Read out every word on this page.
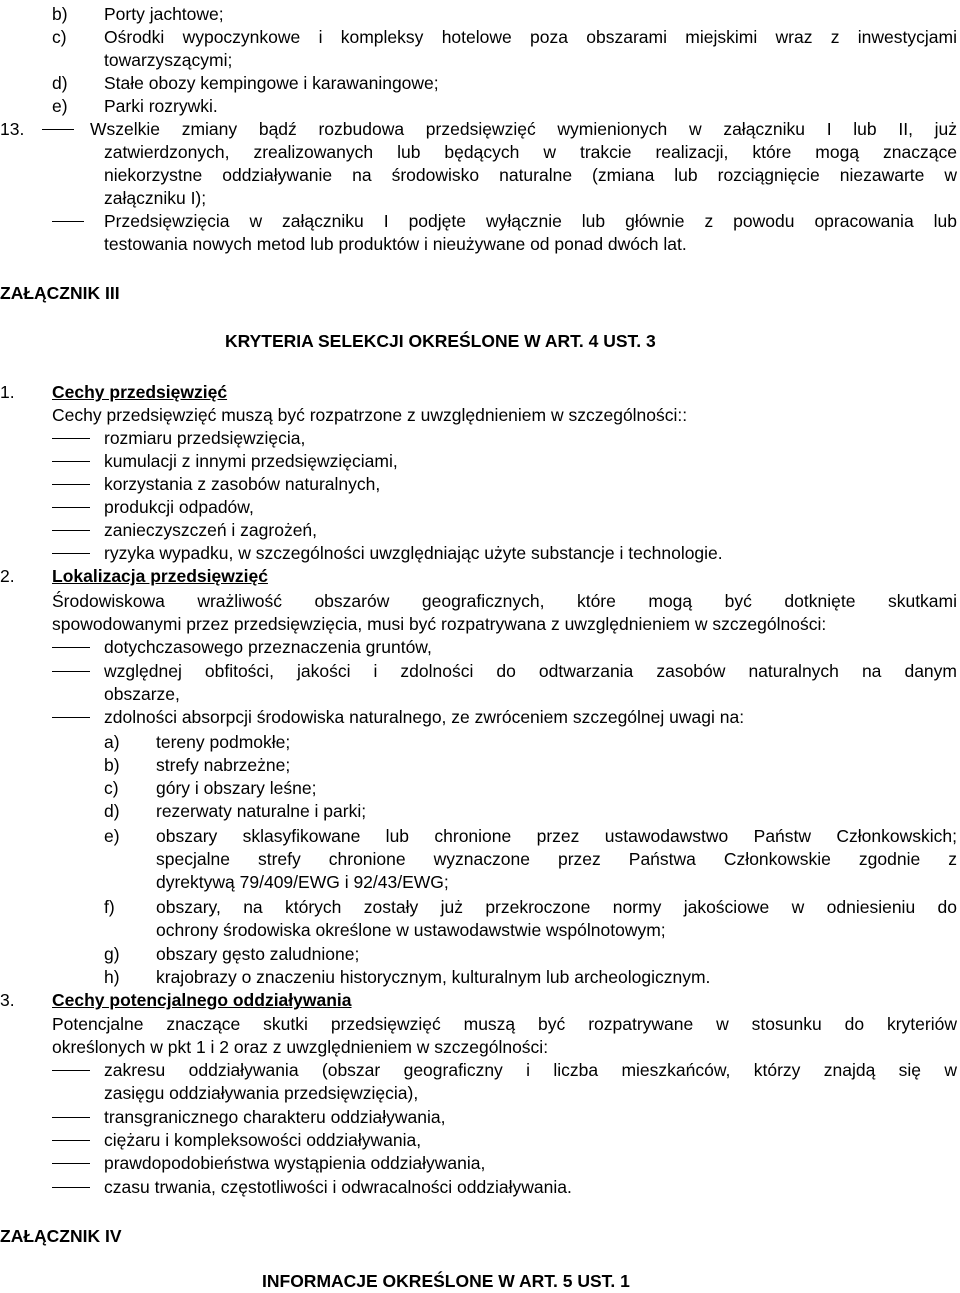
b) Porty jachtowe;
c) Ośrodki wypoczynkowe i kompleksy hotelowe poza obszarami miejskimi wraz z inwestycjami
towarzyszącymi;
d) Stałe obozy kempingowe i karawaningowe;
e) Parki rozrywki.
13.	Wszelkie zmiany bądź rozbudowa przedsięwzięć wymienionych w załączniku I lub II, już
zatwierdzonych, zrealizowanych lub będących w trakcie realizacji, które mogą znaczące
niekorzystne oddziaływanie na środowisko naturalne (zmiana lub rozciągnięcie niezawarte w
załączniku I);
Przedsięwzięcia w załączniku I podjęte wyłącznie lub głównie z powodu opracowania lub
testowania nowych metod lub produktów i nieużywane od ponad dwóch lat.
ZAŁĄCZNIK III
KRYTERIA SELEKCJI OKREŚLONE W ART. 4 UST. 3
1. Cechy przedsięwzięć
Cechy przedsięwzięć muszą być rozpatrzone z uwzględnieniem w szczególności::
rozmiaru przedsięwzięcia,
kumulacji z innymi przedsięwzięciami,
korzystania z zasobów naturalnych,
produkcji odpadów,
zanieczyszczeń i zagrożeń,
ryzyka wypadku, w szczególności uwzględniając użyte substancje i technologie.
2. Lokalizacja przedsięwzięć
Środowiskowa wrażliwość obszarów geograficznych, które mogą być dotknięte skutkami
spowodowanymi przez przedsięwzięcia, musi być rozpatrywana z uwzględnieniem w szczególności:
dotychczasowego przeznaczenia gruntów,
względnej obfitości, jakości i zdolności do odtwarzania zasobów naturalnych na danym
obszarze,
zdolności absorpcji środowiska naturalnego, ze zwróceniem szczególnej uwagi na:
a) tereny podmokłe;
b) strefy nabrzeżne;
c) góry i obszary leśne;
d) rezerwaty naturalne i parki;
e) obszary sklasyfikowane lub chronione przez ustawodawstwo Państw Członkowskich;
specjalne strefy chronione wyznaczone przez Państwa Członkowskie zgodnie z
dyrektywą 79/409/EWG i 92/43/EWG;
f) obszary, na których zostały już przekroczone normy jakościowe w odniesieniu do
ochrony środowiska określone w ustawodawstwie wspólnotowym;
g) obszary gęsto zaludnione;
h) krajobrazy o znaczeniu historycznym, kulturalnym lub archeologicznym.
3. Cechy potencjalnego oddziaływania
Potencjalne znaczące skutki przedsięwzięć muszą być rozpatrywane w stosunku do kryteriów
określonych w pkt 1 i 2 oraz z uwzględnieniem w szczególności:
zakresu oddziaływania (obszar geograficzny i liczba mieszkańców, którzy znajdą się w
zasięgu oddziaływania przedsięwzięcia),
transgranicznego charakteru oddziaływania,
ciężaru i kompleksowości oddziaływania,
prawdopodobieństwa wystąpienia oddziaływania,
czasu trwania, częstotliwości i odwracalności oddziaływania.
ZAŁĄCZNIK IV
INFORMACJE OKREŚLONE W ART. 5 UST. 1
